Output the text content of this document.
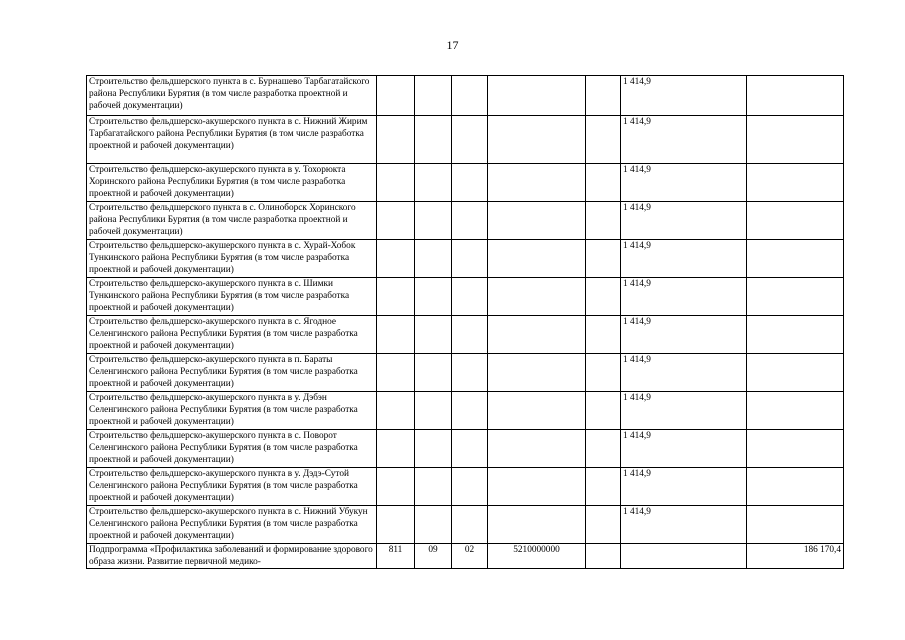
17
Строительство фельдшерского пункта в с. Бурнашево Тарбагатайского района Республики Бурятия (в том числе разработка проектной и рабочей документации)						1 414,9	
Строительство фельдшерско-акушерского пункта в с. Нижний Жирим Тарбагатайского района Республики Бурятия (в том числе разработка проектной и рабочей документации)						1 414,9	
Строительство фельдшерско-акушерского пункта в у. Тохорюкта Хоринского района Республики Бурятия (в том числе разработка проектной и рабочей документации)						1 414,9	
Строительство фельдшерского пункта в с. Олиноборск Хоринского района Республики Бурятия (в том числе разработка проектной и рабочей документации)						1 414,9	
Строительство фельдшерско-акушерского пункта в с. Хурай-Хобок Тункинского района Республики Бурятия (в том числе разработка проектной и рабочей документации)						1 414,9	
Строительство фельдшерско-акушерского пункта в с. Шимки Тункинского района Республики Бурятия (в том числе разработка проектной и рабочей документации)						1 414,9	
Строительство фельдшерско-акушерского пункта в с. Ягодное Селенгинского района Республики Бурятия (в том числе разработка проектной и рабочей документации)						1 414,9	
Строительство фельдшерско-акушерского пункта в п. Бараты Селенгинского района Республики Бурятия (в том числе разработка проектной и рабочей документации)						1 414,9	
Строительство фельдшерско-акушерского пункта в у. Дэбэн Селенгинского района Республики Бурятия (в том числе разработка проектной и рабочей документации)						1 414,9	
Строительство фельдшерско-акушерского пункта в с. Поворот Селенгинского района Республики Бурятия (в том числе разработка проектной и рабочей документации)						1 414,9	
Строительство фельдшерско-акушерского пункта в у. Дэдэ-Сутой Селенгинского района Республики Бурятия (в том числе разработка проектной и рабочей документации)						1 414,9	
Строительство фельдшерско-акушерского пункта в с. Нижний Убукун Селенгинского района Республики Бурятия (в том числе разработка проектной и рабочей документации)						1 414,9	
Подпрограмма «Профилактика заболеваний и формирование здорового образа жизни. Развитие первичной медико-	811	09	02	5210000000			186 170,4
